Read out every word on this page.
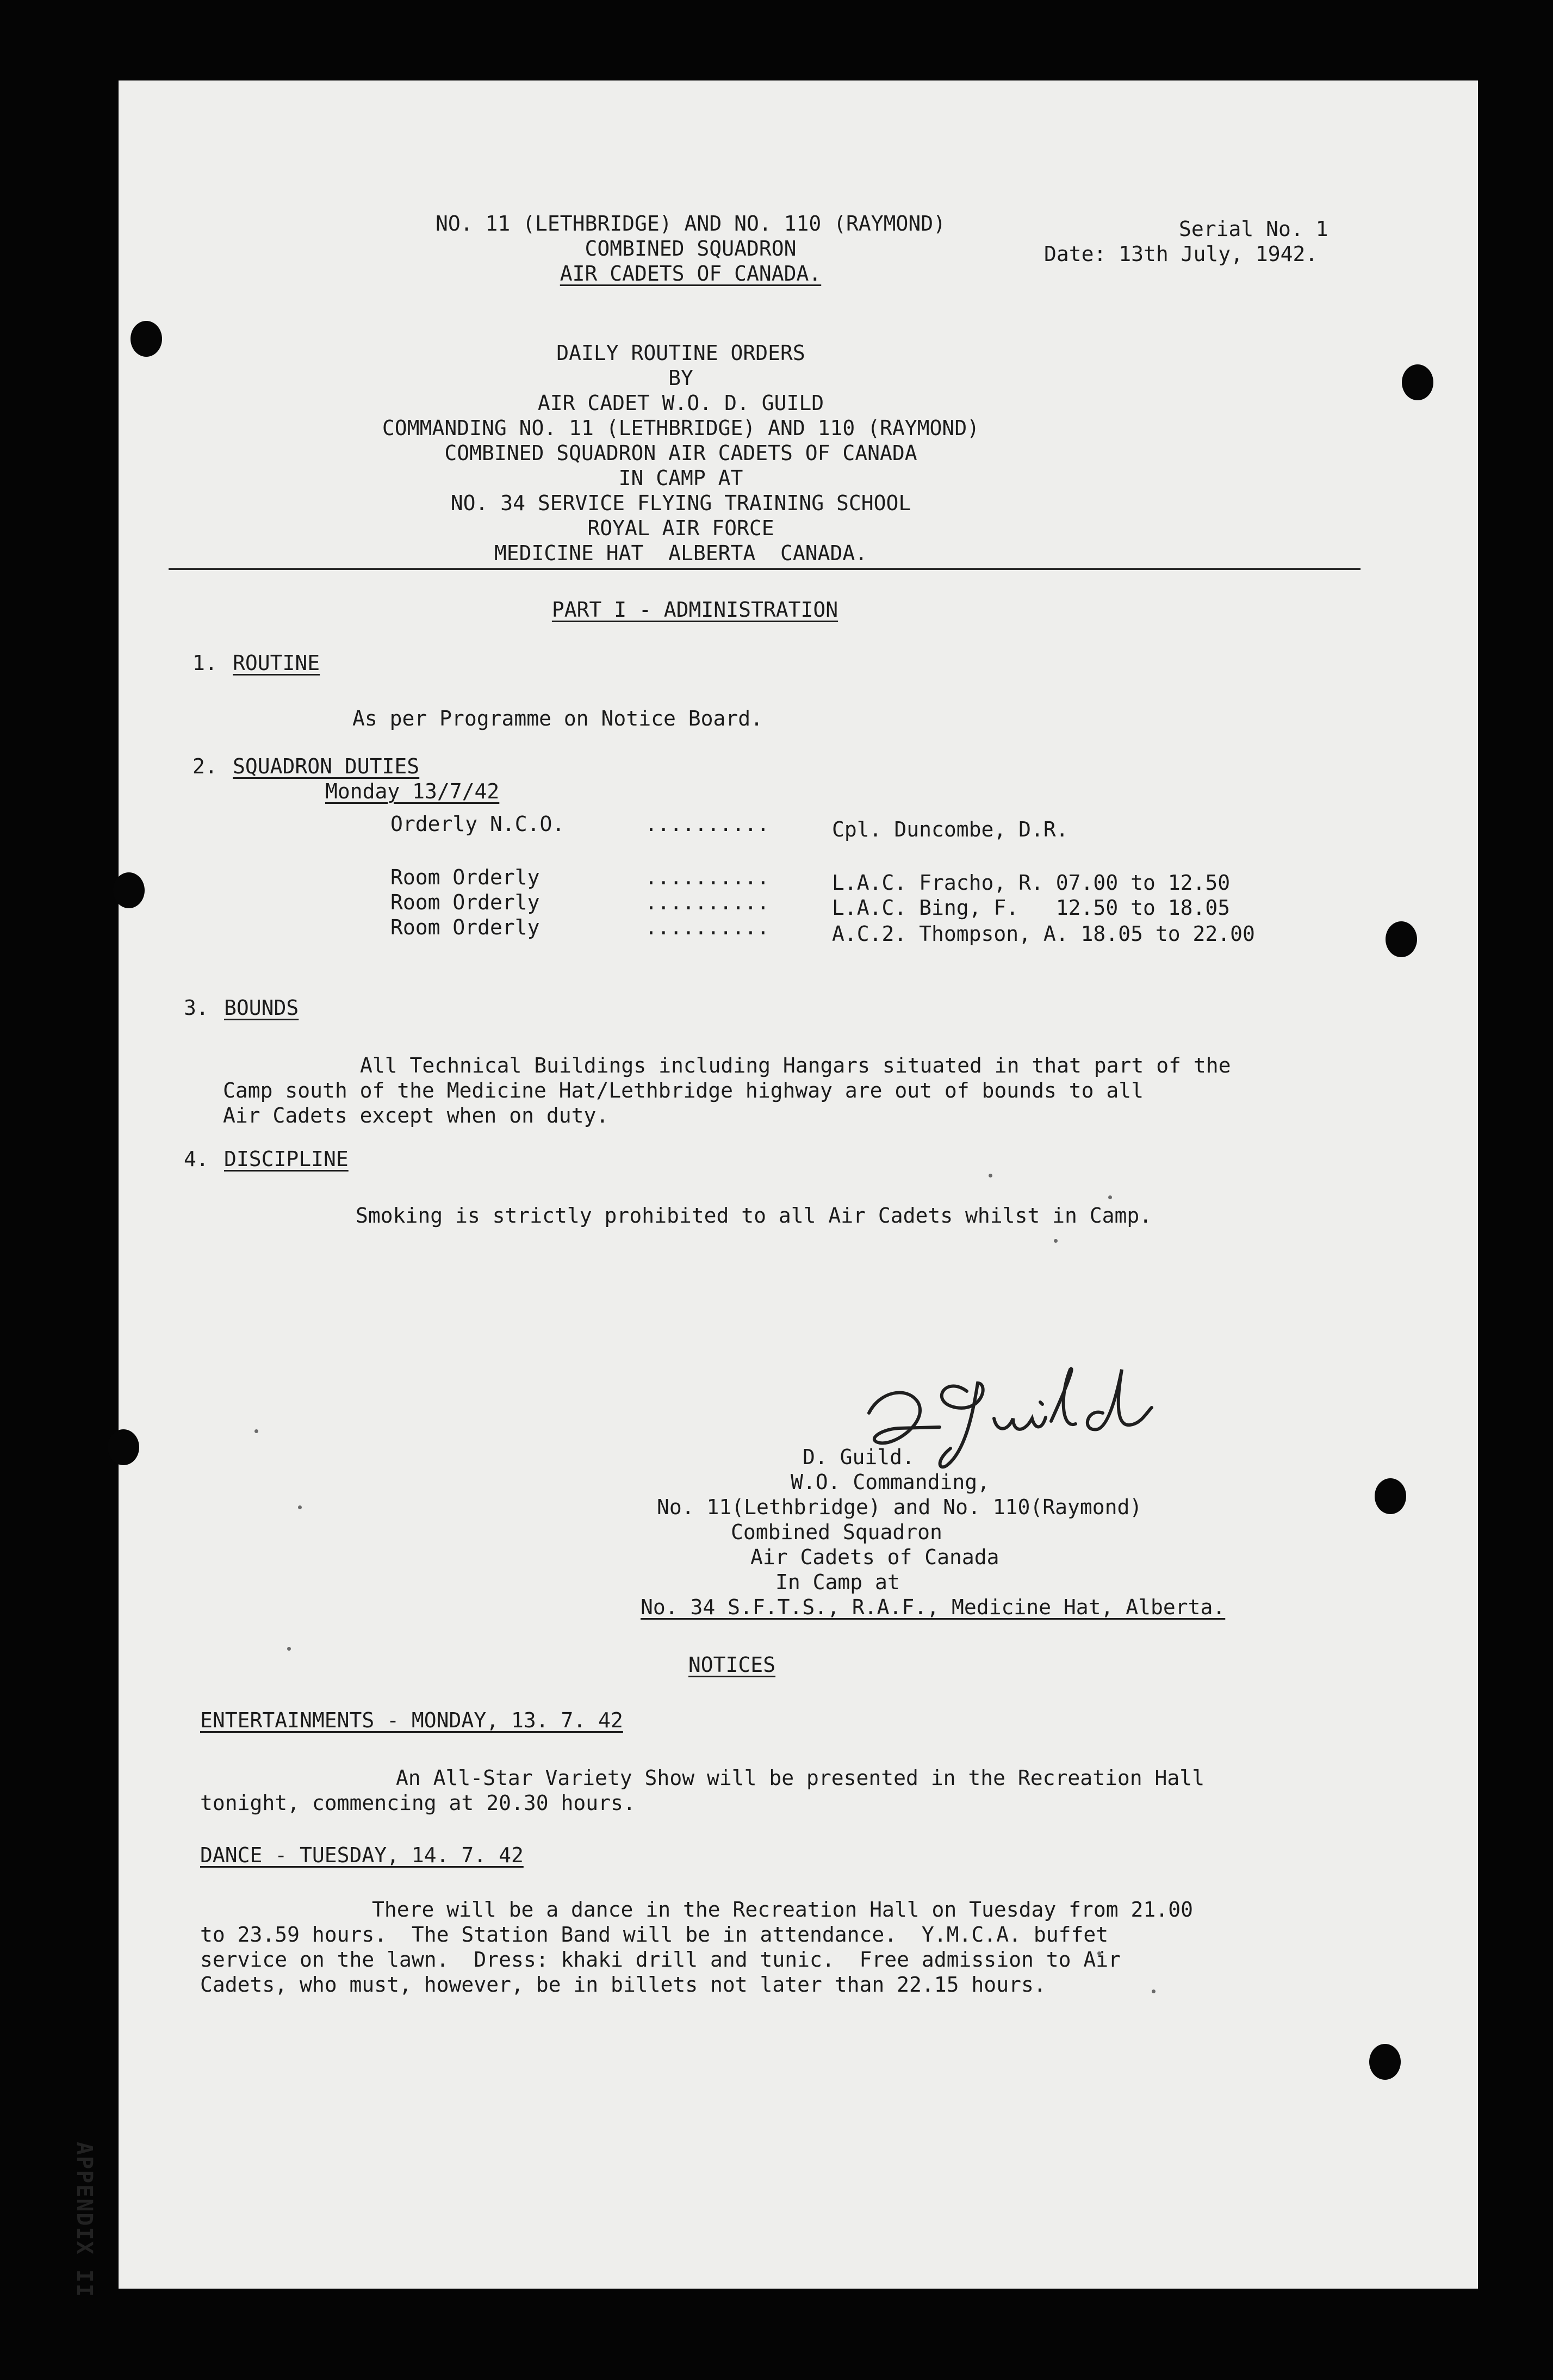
NO. 11 (LETHBRIDGE) AND NO. 110 (RAYMOND)
COMBINED SQUADRON
AIR CADETS OF CANADA.
Serial No. 1
Date: 13th July, 1942.
DAILY ROUTINE ORDERS
BY
AIR CADET W.O. D. GUILD
COMMANDING NO. 11 (LETHBRIDGE) AND 110 (RAYMOND)
COMBINED SQUADRON AIR CADETS OF CANADA
IN CAMP AT
NO. 34 SERVICE FLYING TRAINING SCHOOL
ROYAL AIR FORCE
MEDICINE HAT  ALBERTA  CANADA.
PART I - ADMINISTRATION
1. ROUTINE
As per Programme on Notice Board.
2. SQUADRON DUTIES
Monday 13/7/42
Orderly N.C.O.	..........	Cpl. Duncombe, D.R.
Room Orderly	..........	L.A.C. Fracho, R. 07.00 to 12.50
Room Orderly	..........	L.A.C. Bing, F.   12.50 to 18.05
Room Orderly	..........	A.C.2. Thompson, A. 18.05 to 22.00
3. BOUNDS
All Technical Buildings including Hangars situated in that part of the
Camp south of the Medicine Hat/Lethbridge highway are out of bounds to all
Air Cadets except when on duty.
4. DISCIPLINE
Smoking is strictly prohibited to all Air Cadets whilst in Camp.
D. Guild.
W.O. Commanding,
No. 11(Lethbridge) and No. 110(Raymond)
Combined Squadron
Air Cadets of Canada
In Camp at
No. 34 S.F.T.S., R.A.F., Medicine Hat, Alberta.
NOTICES
ENTERTAINMENTS - MONDAY, 13. 7. 42
An All-Star Variety Show will be presented in the Recreation Hall
tonight, commencing at 20.30 hours.
DANCE - TUESDAY, 14. 7. 42
There will be a dance in the Recreation Hall on Tuesday from 21.00
to 23.59 hours.  The Station Band will be in attendance.  Y.M.C.A. buffet
service on the lawn.  Dress: khaki drill and tunic.  Free admission to Air
Cadets, who must, however, be in billets not later than 22.15 hours.
APPENDIX II
